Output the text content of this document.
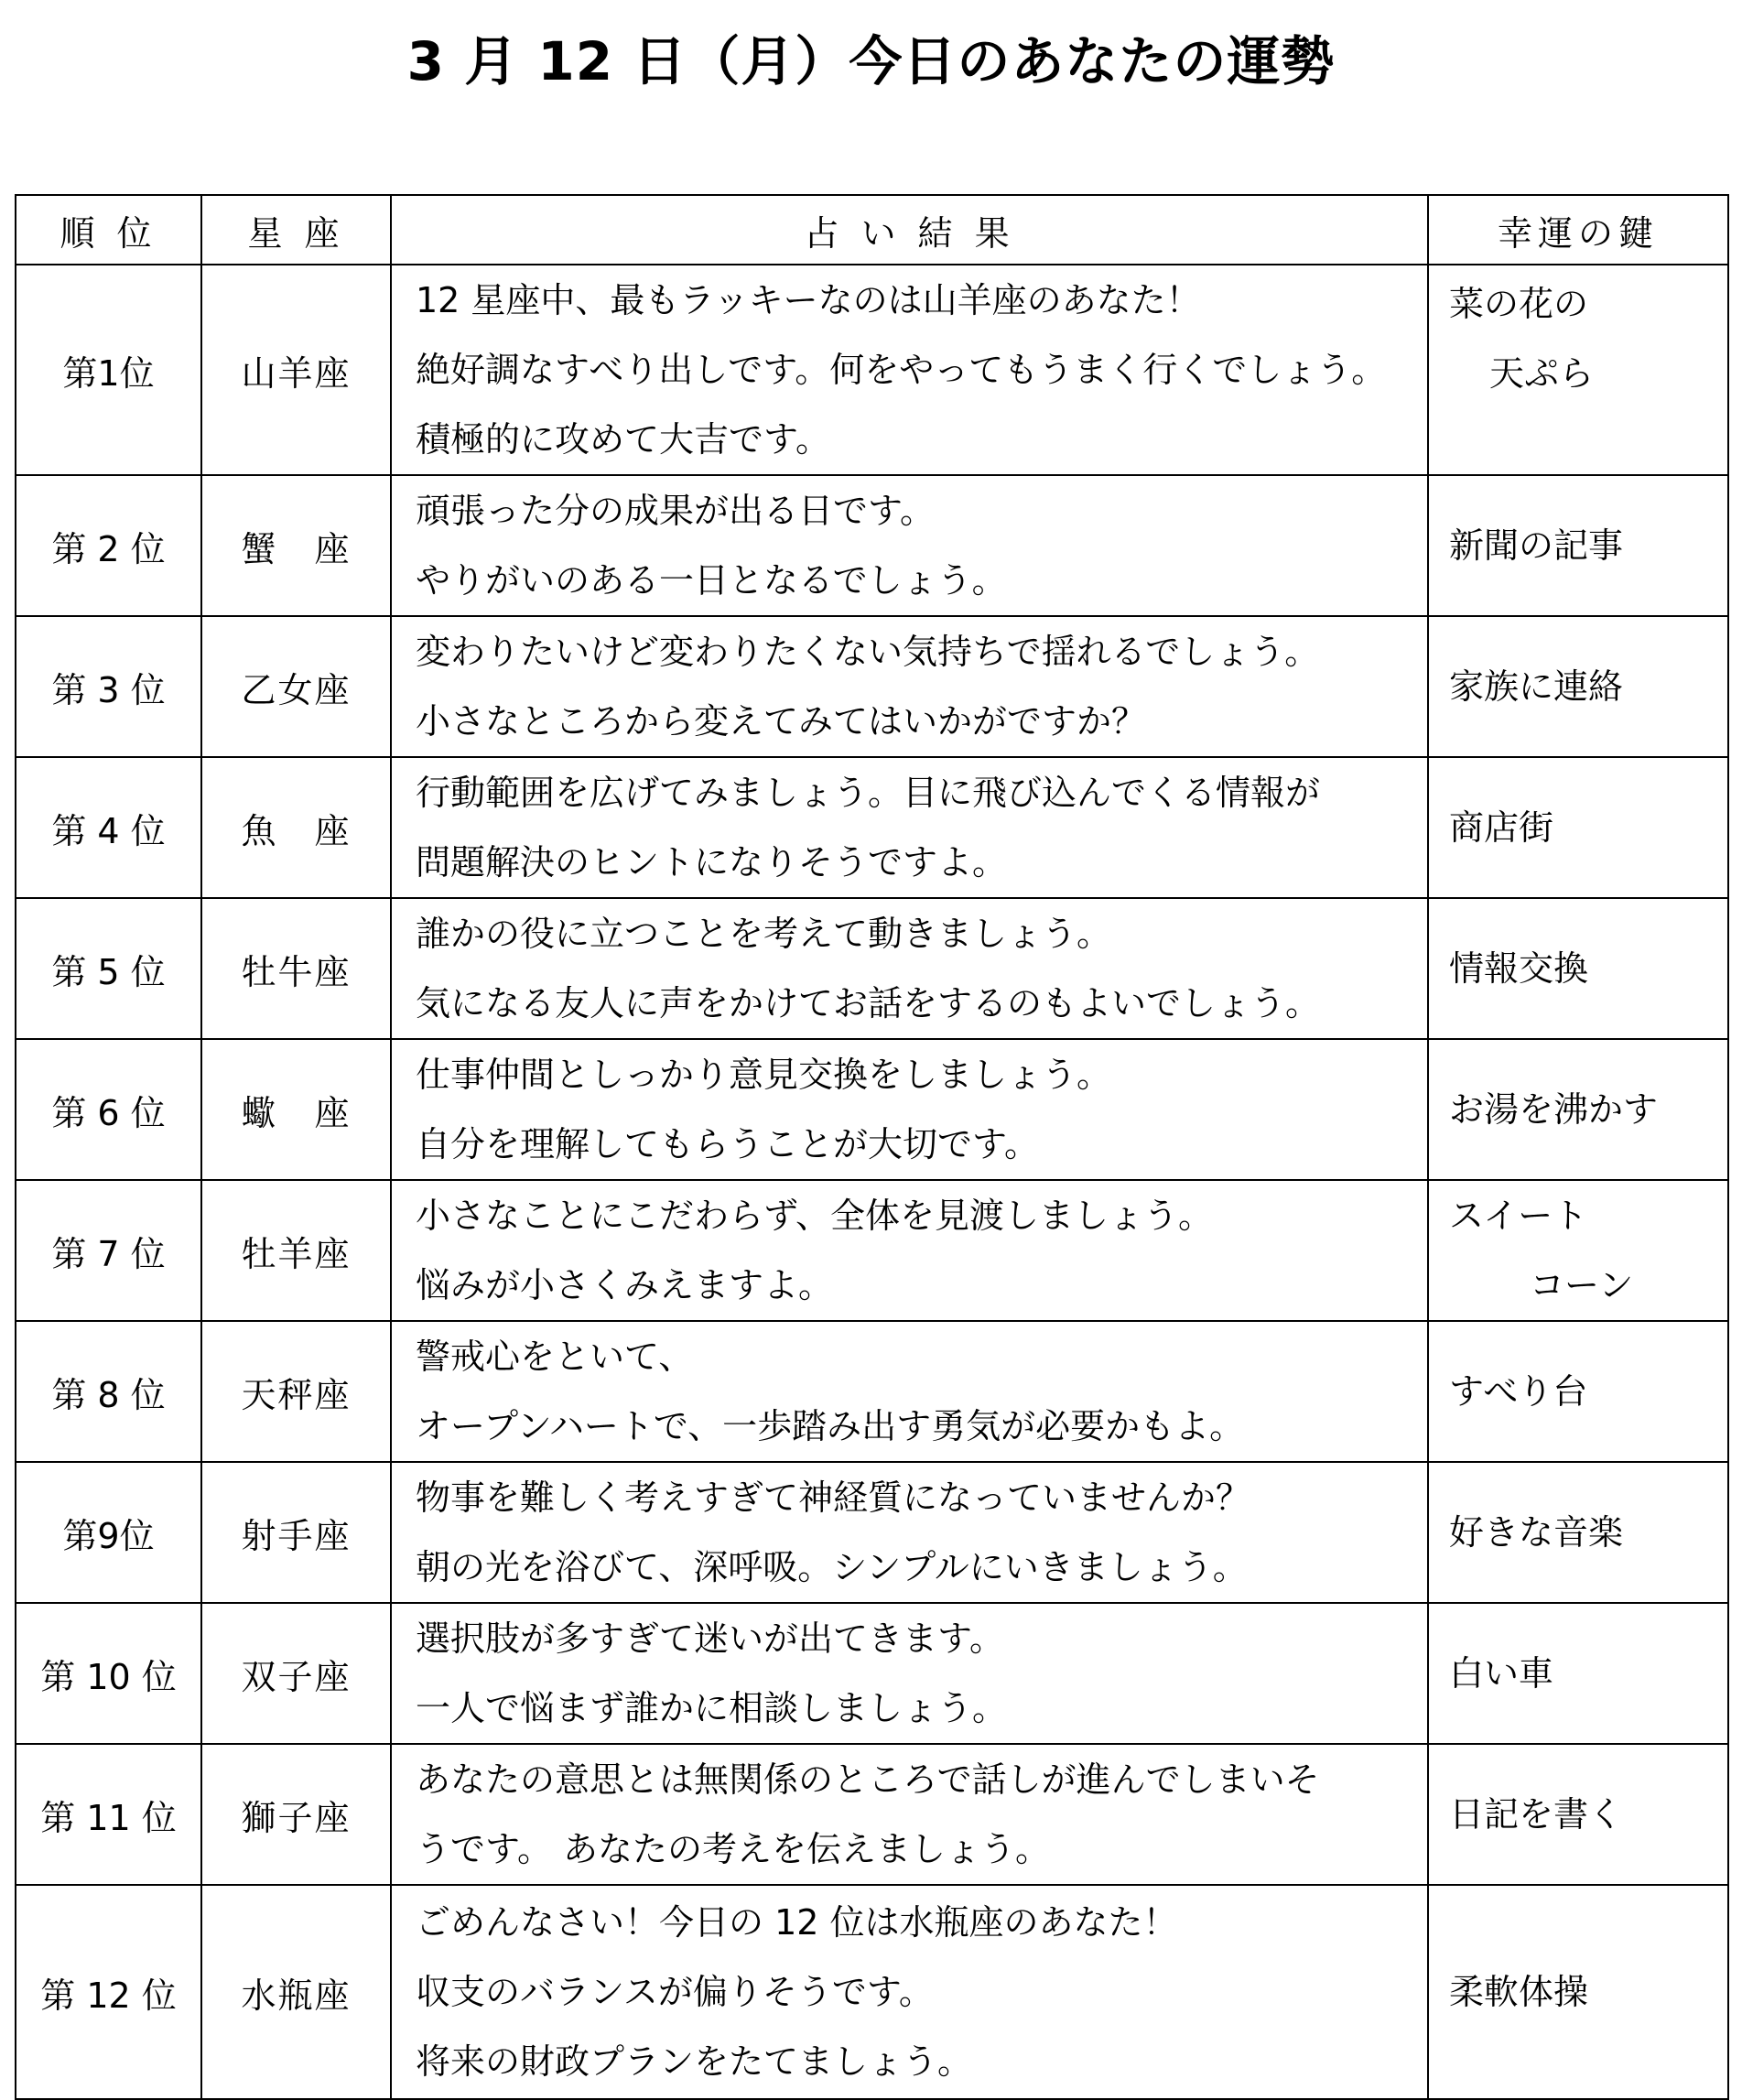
3 月 12 日（月）今日のあなたの運勢
順 位	星 座	占 い 結 果	幸運の鍵
第1位	山羊座	12 星座中、最もラッキーなのは山羊座のあなた！
絶好調なすべり出しです。何をやってもうまく行くでしょう。
積極的に攻めて大吉です。	菜の花の
天ぷら

第 2 位	蟹　座	頑張った分の成果が出る日です。
やりがいのある一日となるでしょう。	新聞の記事

第 3 位	乙女座	変わりたいけど変わりたくない気持ちで揺れるでしょう。
小さなところから変えてみてはいかがですか？	家族に連絡

第 4 位	魚　座	行動範囲を広げてみましょう。目に飛び込んでくる情報が
問題解決のヒントになりそうですよ。	商店街

第 5 位	牡牛座	誰かの役に立つことを考えて動きましょう。
気になる友人に声をかけてお話をするのもよいでしょう。	情報交換

第 6 位	蠍　座	仕事仲間としっかり意見交換をしましょう。
自分を理解してもらうことが大切です。	お湯を沸かす

第 7 位	牡羊座	小さなことにこだわらず、全体を見渡しましょう。
悩みが小さくみえますよ。	スイート
コーン

第 8 位	天秤座	警戒心をといて、
オープンハートで、一歩踏み出す勇気が必要かもよ。	すべり台

第9位	射手座	物事を難しく考えすぎて神経質になっていませんか？
朝の光を浴びて、深呼吸。シンプルにいきましょう。	好きな音楽

第 10 位	双子座	選択肢が多すぎて迷いが出てきます。
一人で悩まず誰かに相談しましょう。	白い車

第 11 位	獅子座	あなたの意思とは無関係のところで話しが進んでしまいそ
うです。 あなたの考えを伝えましょう。	日記を書く

第 12 位	水瓶座	ごめんなさい！今日の 12 位は水瓶座のあなた！
収支のバランスが偏りそうです。
将来の財政プランをたてましょう。	柔軟体操
